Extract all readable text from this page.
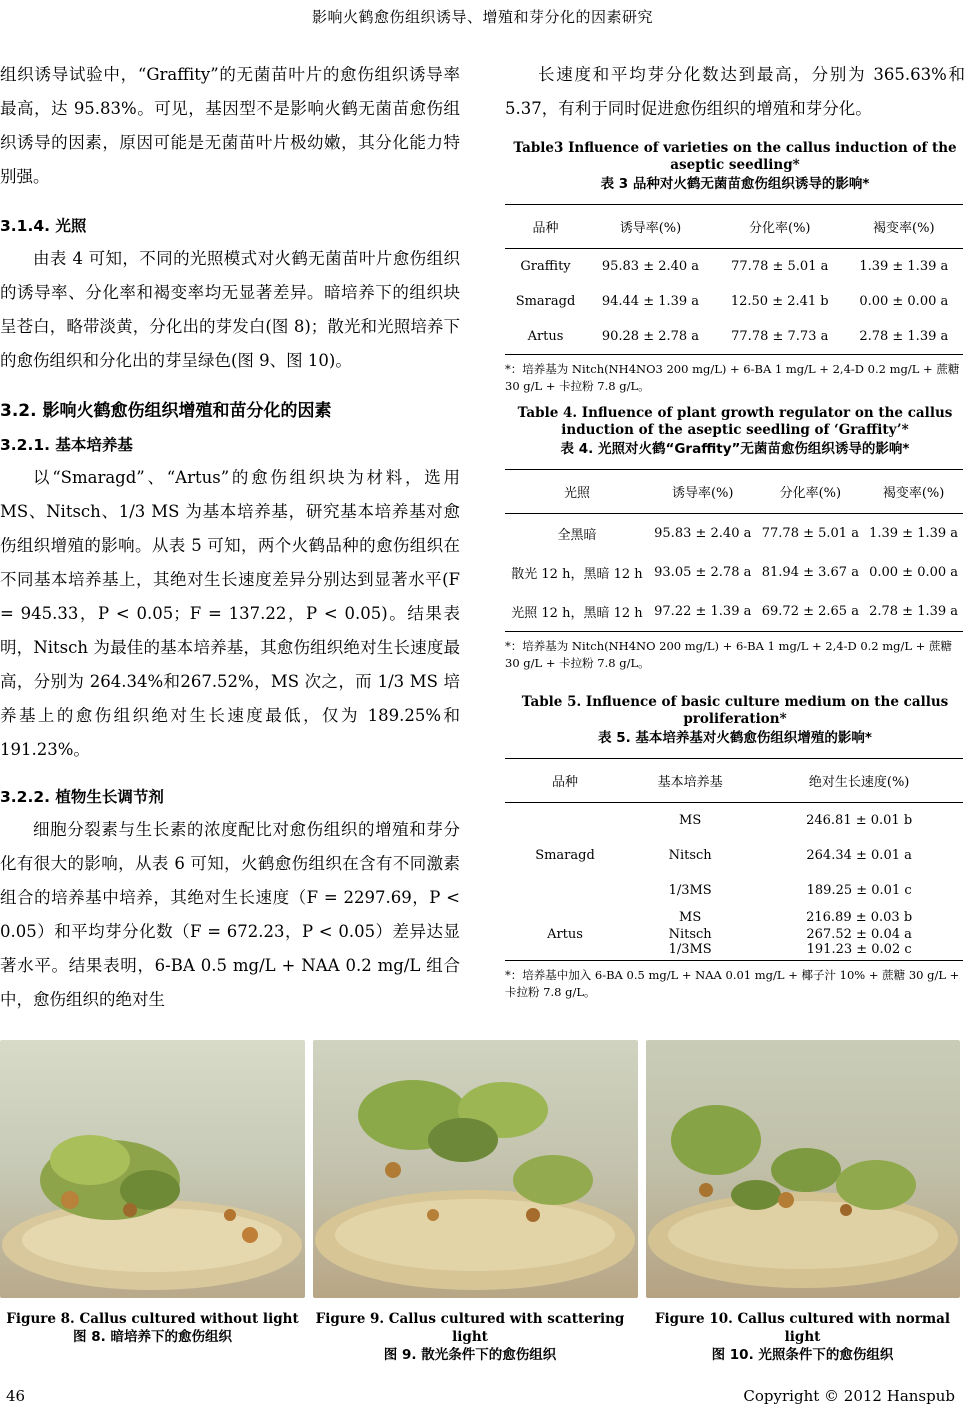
影响火鹤愈伤组织诱导、增殖和芽分化的因素研究

组织诱导试验中，“Graffity”的无菌苗叶片的愈伤组织诱导率最高，达 95.83%。可见，基因型不是影响火鹤无菌苗愈伤组织诱导的因素，原因可能是无菌苗叶片极幼嫩，其分化能力特别强。

3.1.4. 光照

由表 4 可知，不同的光照模式对火鹤无菌苗叶片愈伤组织的诱导率、分化率和褐变率均无显著差异。暗培养下的组织块呈苍白，略带淡黄，分化出的芽发白(图 8)；散光和光照培养下的愈伤组织和分化出的芽呈绿色(图 9、图 10)。

3.2. 影响火鹤愈伤组织增殖和苗分化的因素
3.2.1. 基本培养基

以“Smaragd”、“Artus”的愈伤组织块为材料，选用 MS、Nitsch、1/3 MS 为基本培养基，研究基本培养基对愈伤组织增殖的影响。从表 5 可知，两个火鹤品种的愈伤组织在不同基本培养基上，其绝对生长速度差异分别达到显著水平(F = 945.33，P < 0.05；F = 137.22，P < 0.05)。结果表明，Nitsch 为最佳的基本培养基，其愈伤组织绝对生长速度最高，分别为 264.34%和267.52%，MS 次之，而 1/3 MS 培养基上的愈伤组织绝对生长速度最低，仅为 189.25%和 191.23%。

3.2.2. 植物生长调节剂

细胞分裂素与生长素的浓度配比对愈伤组织的增殖和芽分化有很大的影响，从表 6 可知，火鹤愈伤组织在含有不同激素组合的培养基中培养，其绝对生长速度（F = 2297.69，P < 0.05）和平均芽分化数（F = 672.23，P < 0.05）差异达显著水平。结果表明，6-BA 0.5 mg/L + NAA 0.2 mg/L 组合中，愈伤组织的绝对生

长速度和平均芽分化数达到最高，分别为 365.63%和5.37，有利于同时促进愈伤组织的增殖和芽分化。

Table3 Influence of varieties on the callus induction of the aseptic seedling*

表 3 品种对火鹤无菌苗愈伤组织诱导的影响*

品种	诱导率(%)	分化率(%)	褐变率(%)
Graffity	95.83 ± 2.40 a	77.78 ± 5.01 a	1.39 ± 1.39 a
Smaragd	94.44 ± 1.39 a	12.50 ± 2.41 b	0.00 ± 0.00 a
Artus	90.28 ± 2.78 a	77.78 ± 7.73 a	2.78 ± 1.39 a

*：培养基为 Nitch(NH4NO3 200 mg/L) + 6-BA 1 mg/L + 2,4-D 0.2 mg/L + 蔗糖 30 g/L + 卡拉粉 7.8 g/L。

Table 4. Influence of plant growth regulator on the callus induction of the aseptic seedling of ‘Graffity’*

表 4. 光照对火鹤“Graffity”无菌苗愈伤组织诱导的影响*

光照	诱导率(%)	分化率(%)	褐变率(%)
全黑暗	95.83 ± 2.40 a	77.78 ± 5.01 a	1.39 ± 1.39 a
散光 12 h，黑暗 12 h	93.05 ± 2.78 a	81.94 ± 3.67 a	0.00 ± 0.00 a
光照 12 h，黑暗 12 h	97.22 ± 1.39 a	69.72 ± 2.65 a	2.78 ± 1.39 a

*：培养基为 Nitch(NH4NO 200 mg/L) + 6-BA 1 mg/L + 2,4-D 0.2 mg/L + 蔗糖 30 g/L + 卡拉粉 7.8 g/L。

Table 5. Influence of basic culture medium on the callus proliferation*

表 5. 基本培养基对火鹤愈伤组织增殖的影响*

品种	基本培养基	绝对生长速度(%)
Smaragd	MS	246.81 ± 0.01 b
	Nitsch	264.34 ± 0.01 a
	1/3MS	189.25 ± 0.01 c
Artus	MS	216.89 ± 0.03 b
	Nitsch	267.52 ± 0.04 a
	1/3MS	191.23 ± 0.02 c

*：培养基中加入 6-BA 0.5 mg/L + NAA 0.01 mg/L + 椰子汁 10% + 蔗糖 30 g/L + 卡拉粉 7.8 g/L。

Figure 8. Callus cultured without light
图 8. 暗培养下的愈伤组织
Figure 9. Callus cultured with scattering light
图 9. 散光条件下的愈伤组织
Figure 10. Callus cultured with normal light
图 10. 光照条件下的愈伤组织
46	Copyright © 2012 Hanspub
